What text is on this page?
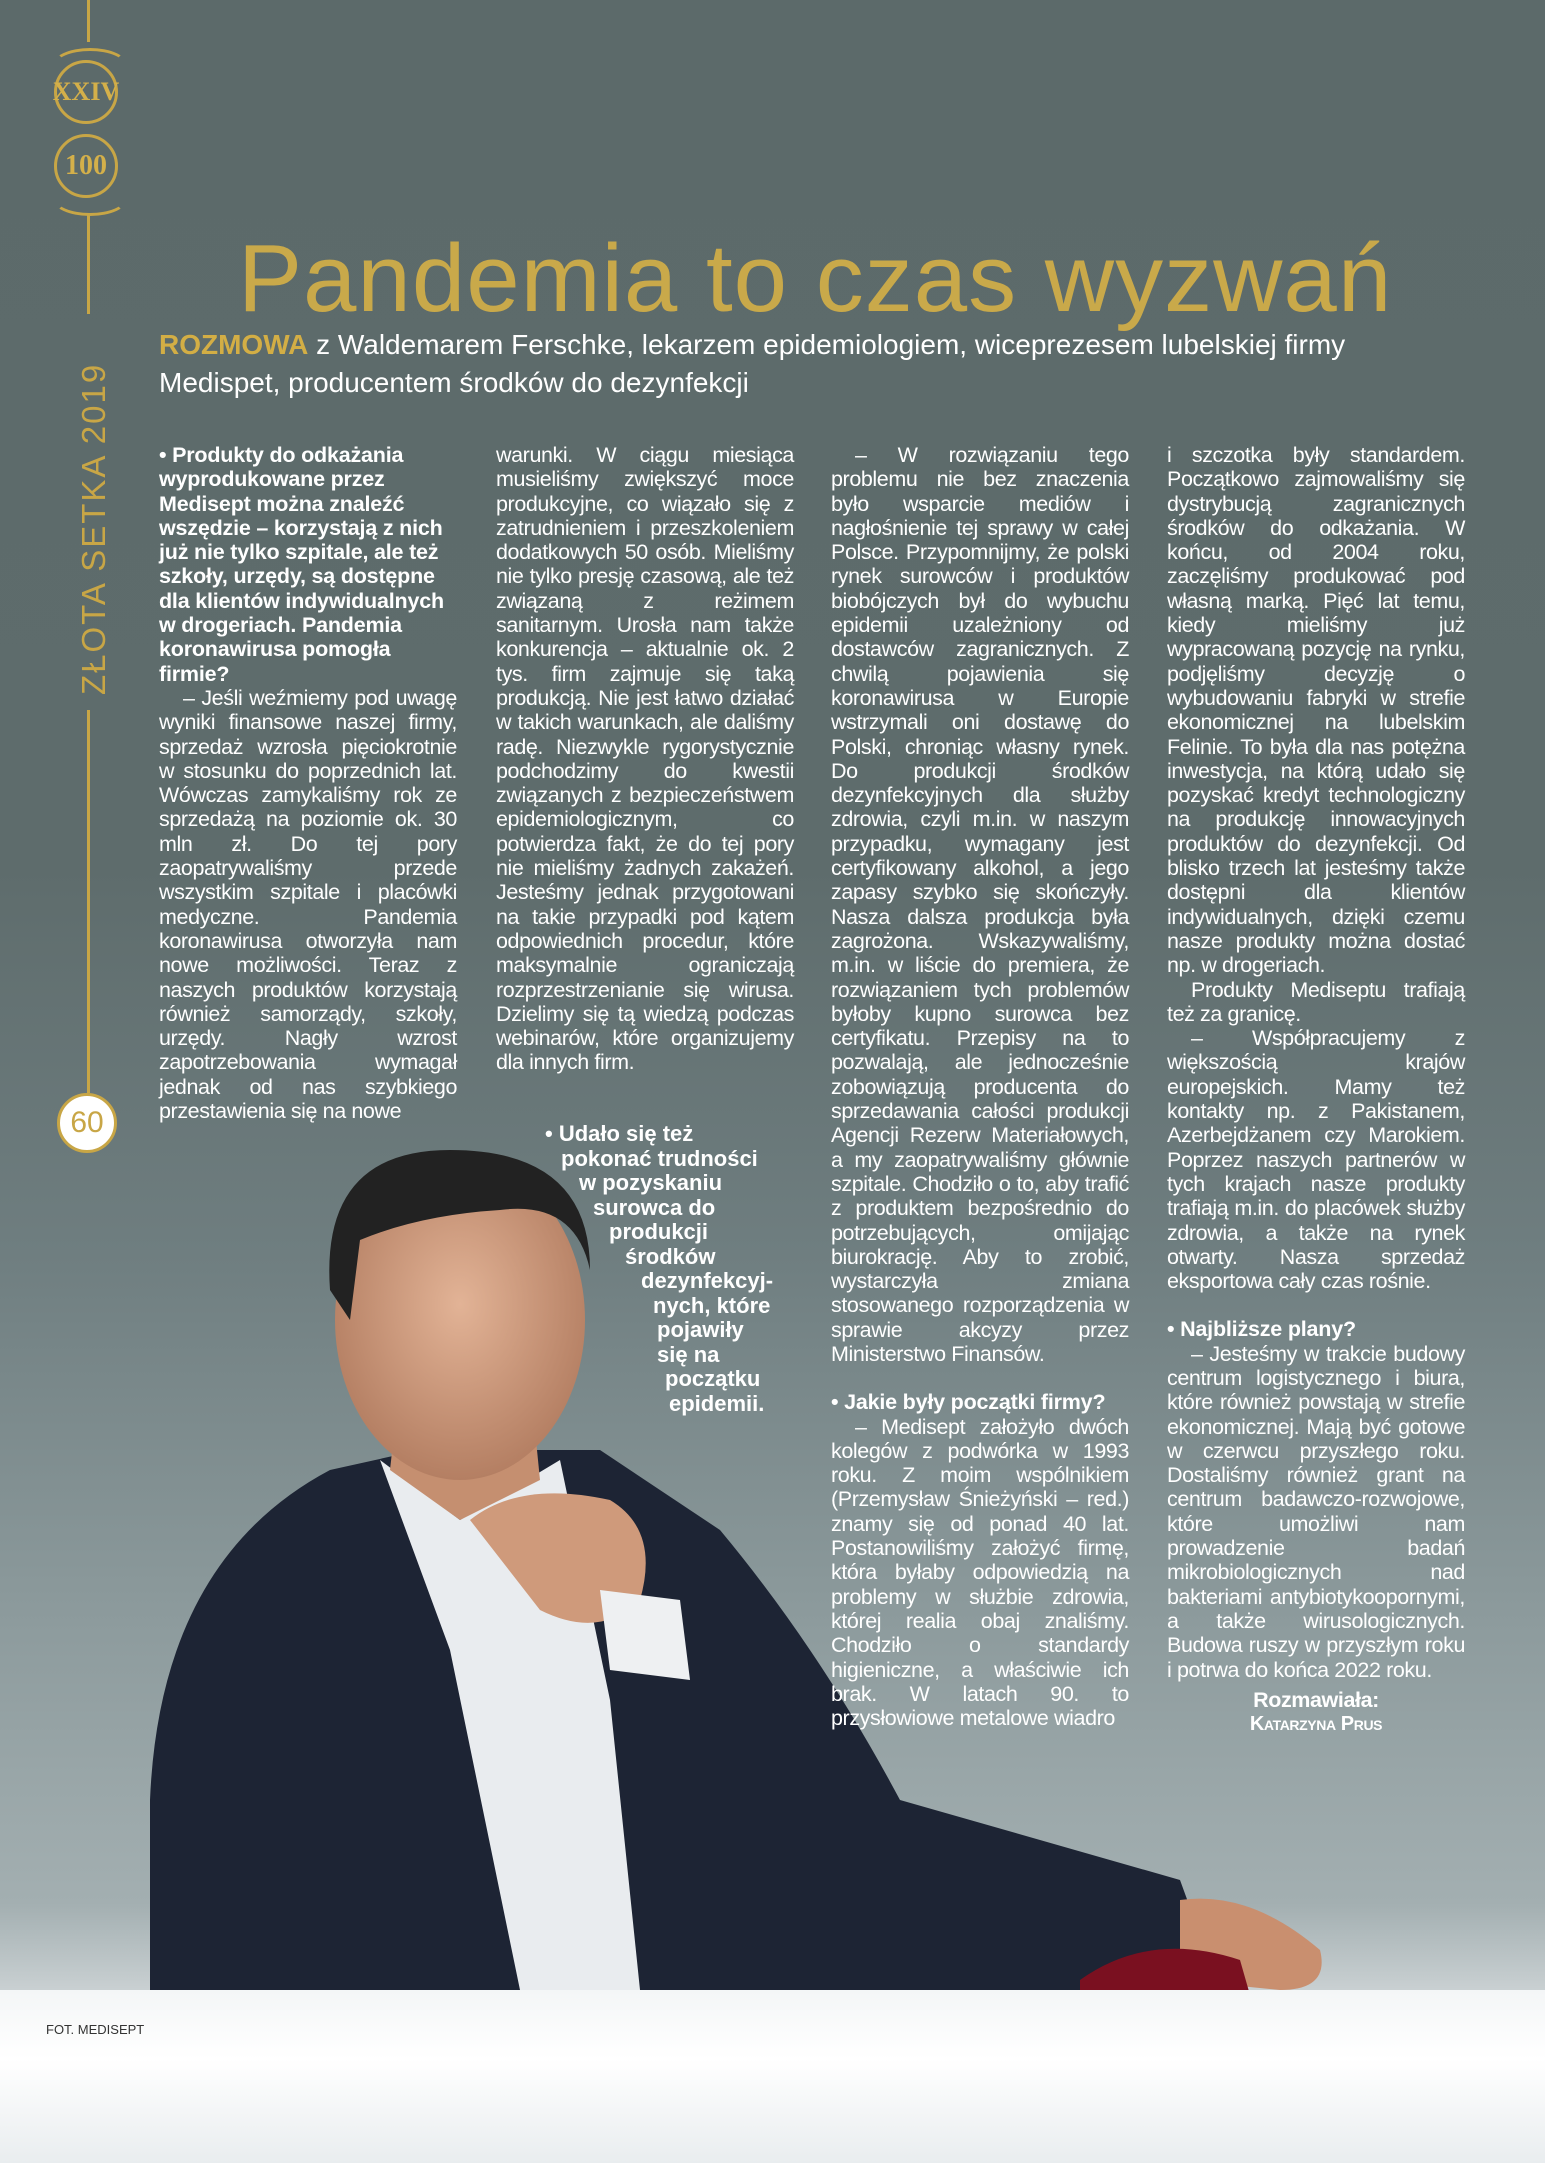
XXIV
100
ZŁOTA SETKA 2019
60
Pandemia to czas wyzwań
ROZMOWA z Waldemarem Ferschke, lekarzem epidemiologiem, wiceprezesem lubelskiej firmy Medispet, producentem środków do dezynfekcji

• Produkty do odkażania wyprodukowane przez Medisept można znaleźć wszędzie – korzystają z nich już nie tylko szpitale, ale też szkoły, urzędy, są dostępne dla klientów indywidualnych w drogeriach. Pandemia koronawirusa pomogła firmie?

– Jeśli weźmiemy pod uwagę wyniki finansowe naszej firmy, sprzedaż wzrosła pięciokrotnie w stosunku do poprzednich lat. Wówczas zamykaliśmy rok ze sprzedażą na poziomie ok. 30 mln zł. Do tej pory zaopatrywaliśmy przede wszystkim szpitale i placówki medyczne. Pandemia koronawirusa otworzyła nam nowe możliwości. Teraz z naszych produktów korzystają również samorządy, szkoły, urzędy. Nagły wzrost zapotrzebowania wymagał jednak od nas szybkiego przestawienia się na nowe

warunki. W ciągu miesiąca musieliśmy zwiększyć moce produkcyjne, co wiązało się z zatrudnieniem i przeszkoleniem dodatkowych 50 osób. Mieliśmy nie tylko presję czasową, ale też związaną z reżimem sanitarnym. Urosła nam także konkurencja – aktualnie ok. 2 tys. firm zajmuje się taką produkcją. Nie jest łatwo działać w takich warunkach, ale daliśmy radę. Niezwykle rygorystycznie podchodzimy do kwestii związanych z bezpieczeństwem epidemiologicznym, co potwierdza fakt, że do tej pory nie mieliśmy żadnych zakażeń. Jesteśmy jednak przygotowani na takie przypadki pod kątem odpowiednich procedur, które maksymalnie ograniczają rozprzestrzenianie się wirusa. Dzielimy się tą wiedzą podczas webinarów, które organizujemy dla innych firm.

– W rozwiązaniu tego problemu nie bez znaczenia było wsparcie mediów i nagłośnienie tej sprawy w całej Polsce. Przypomnijmy, że polski rynek surowców i produktów biobójczych był do wybuchu epidemii uzależniony od dostawców zagranicznych. Z chwilą pojawienia się koronawirusa w Europie wstrzymali oni dostawę do Polski, chroniąc własny rynek. Do produkcji środków dezynfekcyjnych dla służby zdrowia, czyli m.in. w naszym przypadku, wymagany jest certyfikowany alkohol, a jego zapasy szybko się skończyły. Nasza dalsza produkcja była zagrożona. Wskazywaliśmy, m.in. w liście do premiera, że rozwiązaniem tych problemów byłoby kupno surowca bez certyfikatu. Przepisy na to pozwalają, ale jednocześnie zobowiązują producenta do sprzedawania całości produkcji Agencji Rezerw Materiałowych, a my zaopatrywaliśmy głównie szpitale. Chodziło o to, aby trafić z produktem bezpośrednio do potrzebujących, omijając biurokrację. Aby to zrobić, wystarczyła zmiana stosowanego rozporządzenia w sprawie akcyzy przez Ministerstwo Finansów.

• Jakie były początki firmy?

– Medisept założyło dwóch kolegów z podwórka w 1993 roku. Z moim wspólnikiem (Przemysław Śnieżyński – red.) znamy się od ponad 40 lat. Postanowiliśmy założyć firmę, która byłaby odpowiedzią na problemy w służbie zdrowia, której realia obaj znaliśmy. Chodziło o standardy higieniczne, a właściwie ich brak. W latach 90. to przysłowiowe metalowe wiadro

i szczotka były standardem. Początkowo zajmowaliśmy się dystrybucją zagranicznych środków do odkażania. W końcu, od 2004 roku, zaczęliśmy produkować pod własną marką. Pięć lat temu, kiedy mieliśmy już wypracowaną pozycję na rynku, podjęliśmy decyzję o wybudowaniu fabryki w strefie ekonomicznej na lubelskim Felinie. To była dla nas potężna inwestycja, na którą udało się pozyskać kredyt technologiczny na produkcję innowacyjnych produktów do dezynfekcji. Od blisko trzech lat jesteśmy także dostępni dla klientów indywidualnych, dzięki czemu nasze produkty można dostać np. w drogeriach.

Produkty Mediseptu trafiają też za granicę.

– Współpracujemy z większością krajów europejskich. Mamy też kontakty np. z Pakistanem, Azerbejdżanem czy Marokiem. Poprzez naszych partnerów w tych krajach nasze produkty trafiają m.in. do placówek służby zdrowia, a także na rynek otwarty. Nasza sprzedaż eksportowa cały czas rośnie.

• Najbliższe plany?

– Jesteśmy w trakcie budowy centrum logistycznego i biura, które również powstają w strefie ekonomicznej. Mają być gotowe w czerwcu przyszłego roku. Dostaliśmy również grant na centrum badawczo-rozwojowe, które umożliwi nam prowadzenie badań mikrobiologicznych nad bakteriami antybiotykoopornymi, a także wirusologicznych. Budowa ruszy w przyszłym roku i potrwa do końca 2022 roku.

Rozmawiała:
Katarzyna Prus
• Udało się też
pokonać trudności
w pozyskaniu
surowca do
produkcji
środków
dezynfekcyj-
nych, które
pojawiły
się na
początku
epidemii.
FOT. MEDISEPT
